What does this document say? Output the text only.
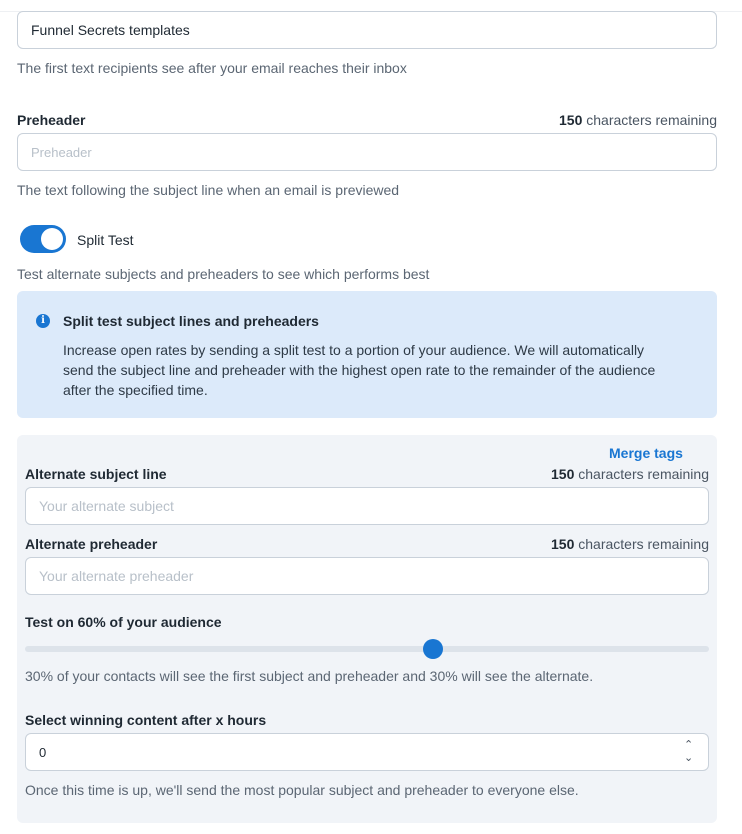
Funnel Secrets templates
The first text recipients see after your email reaches their inbox
Preheader	150 characters remaining
Preheader
The text following the subject line when an email is previewed
Split Test
Test alternate subjects and preheaders to see which performs best
i	Split test subject lines and preheaders
Increase open rates by sending a split test to a portion of your audience. We will automatically send the subject line and preheader with the highest open rate to the remainder of the audience after the specified time.
Merge tags
Alternate subject line	150 characters remaining
Your alternate subject
Alternate preheader	150 characters remaining
Your alternate preheader
Test on 60% of your audience
30% of your contacts will see the first subject and preheader and 30% will see the alternate.
Select winning content after x hours
0	⌃
⌄
Once this time is up, we'll send the most popular subject and preheader to everyone else.
